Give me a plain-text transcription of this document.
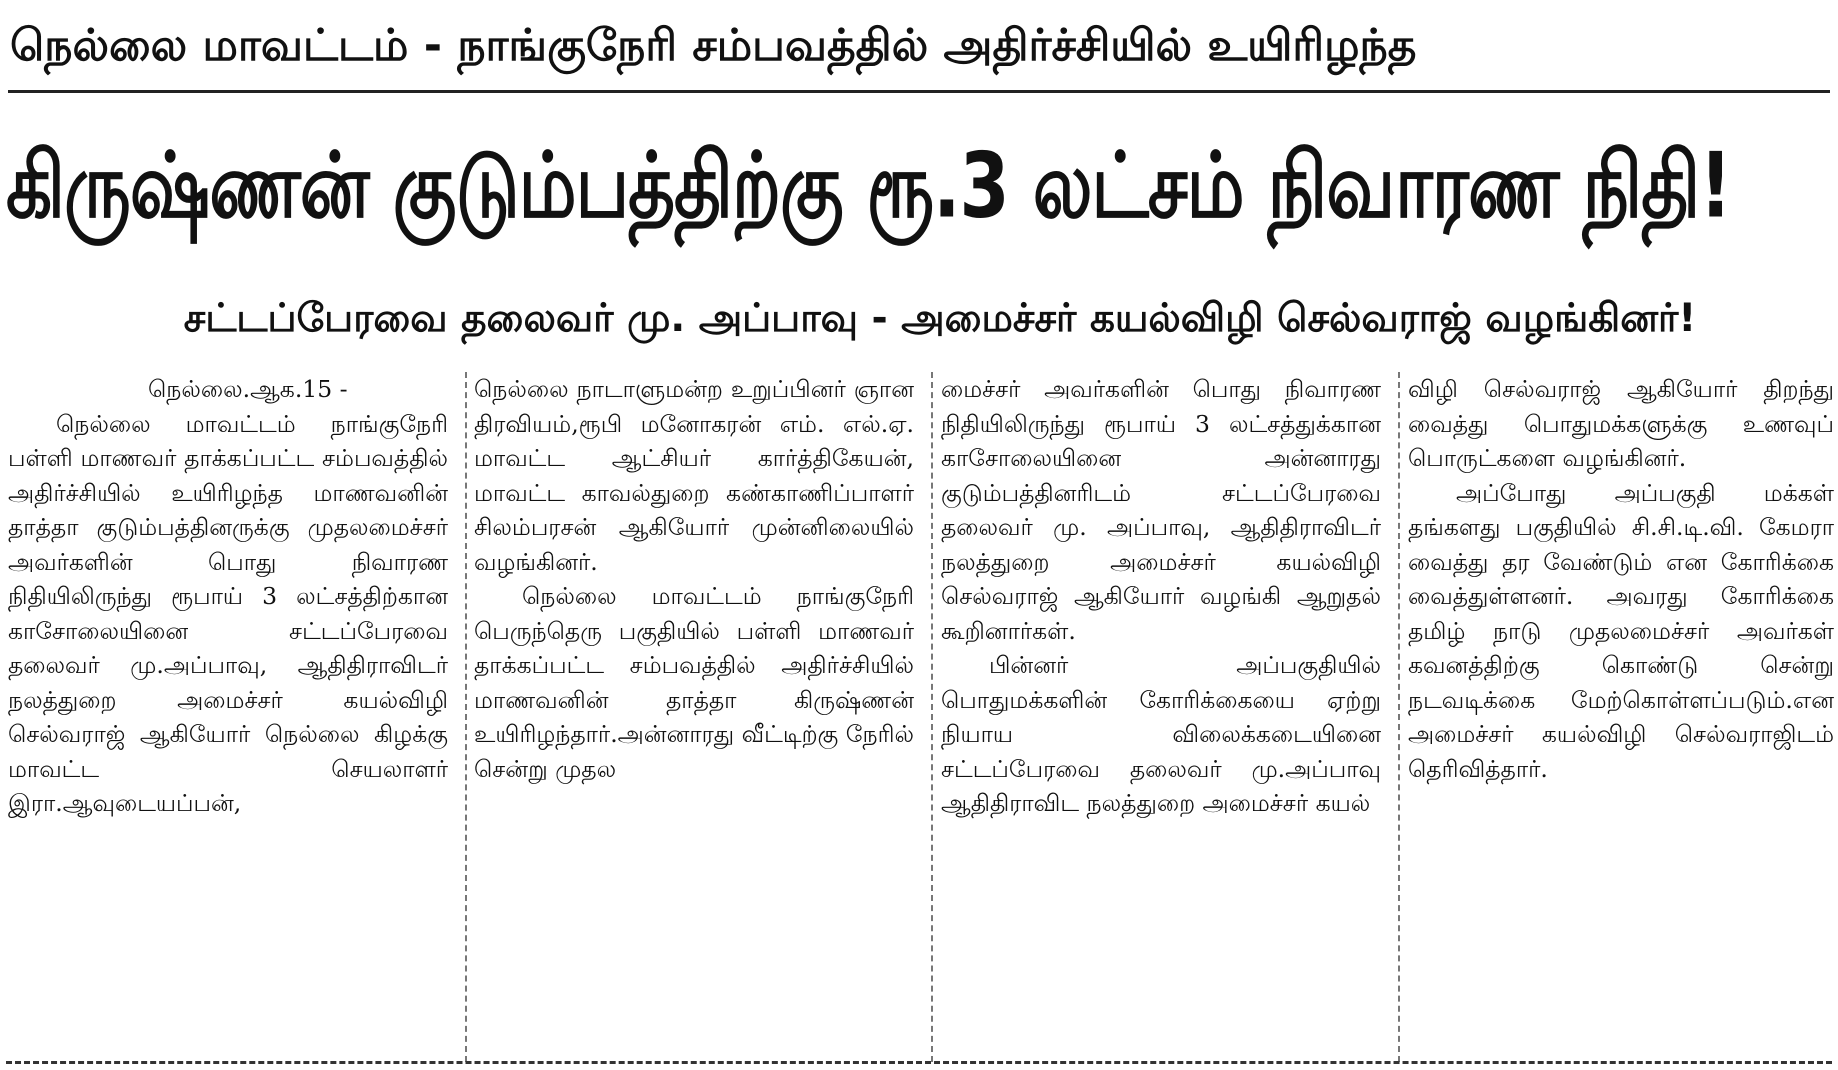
நெல்லை மாவட்டம் - நாங்குநேரி சம்பவத்தில் அதிர்ச்சியில் உயிரிழந்த
கிருஷ்ணன் குடும்பத்திற்கு ரூ.3 லட்சம் நிவாரண நிதி!
சட்டப்பேரவை தலைவர் மு. அப்பாவு - அமைச்சர் கயல்விழி செல்வராஜ் வழங்கினர்!
நெல்லை.ஆக.15 -

நெல்லை மாவட்டம் நாங்குநேரி பள்ளி மாணவர் தாக்கப்பட்ட சம்பவத்தில் அதிர்ச்சியில் உயிரிழந்த மாணவனின் தாத்தா குடும்பத்தினருக்கு முதலமைச்சர் அவர்களின் பொது நிவாரண நிதியிலிருந்து ரூபாய் 3 லட்சத்திற்கான காசோலையினை சட்டப்பேரவை தலைவர் மு.அப்பாவு, ஆதிதிராவிடர் நலத்துறை அமைச்சர் கயல்விழி செல்வராஜ் ஆகியோர் நெல்லை கிழக்கு மாவட்ட செயலாளர் இரா.ஆவுடையப்பன்,

நெல்லை நாடாளுமன்ற உறுப்பினர் ஞான திரவியம்,ரூபி மனோகரன் எம். எல்.ஏ. மாவட்ட ஆட்சியர் கார்த்திகேயன், மாவட்ட காவல்துறை கண்காணிப்பாளர் சிலம்பரசன் ஆகியோர் முன்னிலையில் வழங்கினர்.

நெல்லை மாவட்டம் நாங்குநேரி பெருந்தெரு பகுதியில் பள்ளி மாணவர் தாக்கப்பட்ட சம்பவத்தில் அதிர்ச்சியில் மாணவனின் தாத்தா கிருஷ்ணன் உயிரிழந்தார்.அன்னாரது வீட்டிற்கு நேரில் சென்று முதல

மைச்சர் அவர்களின் பொது நிவாரண நிதியிலிருந்து ரூபாய் 3 லட்சத்துக்கான காசோலையினை அன்னாரது குடும்பத்தினரிடம் சட்டப்பேரவை தலைவர் மு. அப்பாவு, ஆதிதிராவிடர் நலத்துறை அமைச்சர் கயல்விழி செல்வராஜ் ஆகியோர் வழங்கி ஆறுதல் கூறினார்கள்.

பின்னர் அப்பகுதியில் பொதுமக்களின் கோரிக்கையை ஏற்று நியாய விலைக்கடையினை சட்டப்பேரவை தலைவர் மு.அப்பாவு ஆதிதிராவிட நலத்துறை அமைச்சர் கயல்

விழி செல்வராஜ் ஆகியோர் திறந்து வைத்து பொதுமக்களுக்கு உணவுப் பொருட்களை வழங்கினர்.

அப்போது அப்பகுதி மக்கள் தங்களது பகுதியில் சி.சி.டி.வி. கேமரா வைத்து தர வேண்டும் என கோரிக்கை வைத்துள்ளனர். அவரது கோரிக்கை தமிழ் நாடு முதலமைச்சர் அவர்கள் கவனத்திற்கு கொண்டு சென்று நடவடிக்கை மேற்கொள்ளப்படும்.என அமைச்சர் கயல்விழி செல்வராஜிடம் தெரிவித்தார்.
